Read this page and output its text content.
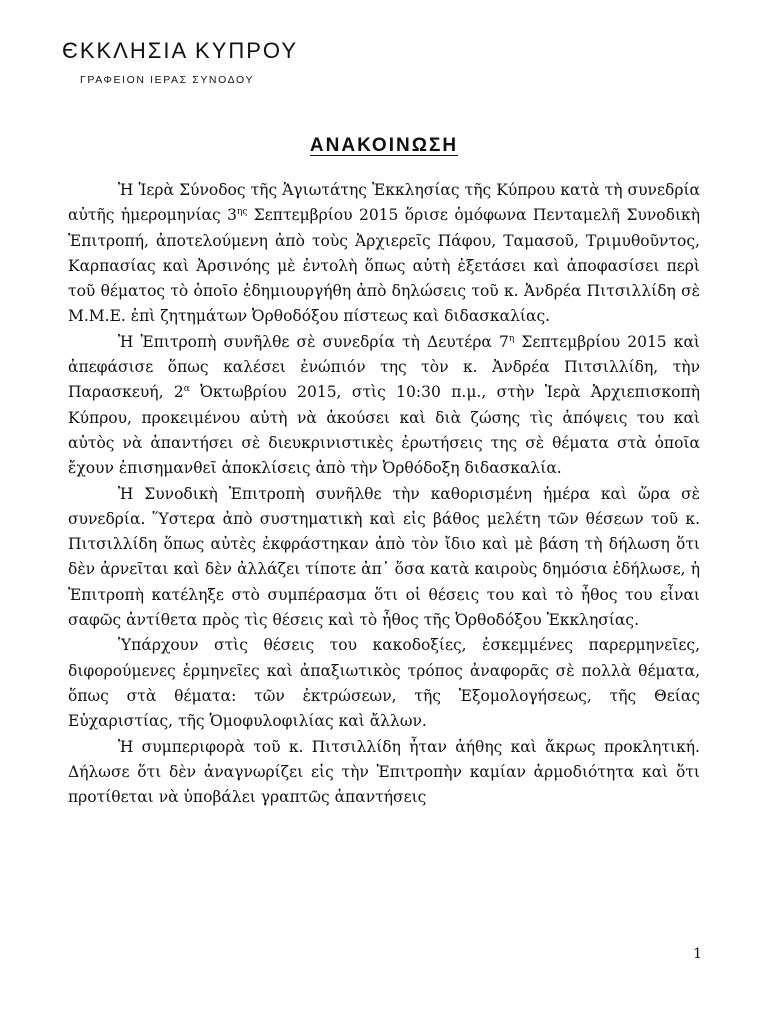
ЄΚΚΛΗΣΙΑ ΚΥΠΡΟΥ
ΓΡΑΦΕΙΟΝ ΙΕΡΑΣ ΣΥΝΟΔΟΥ
ΑΝΑΚΟΙΝΩΣΗ

Ἡ Ἱερὰ Σύνοδος τῆς Ἁγιωτάτης Ἐκκλησίας τῆς Κύπρου κατὰ τὴ συνεδρία αὐτῆς ἡμερομηνίας $3^{\eta\varsigma}$ Σεπτεμβρίου 2015 ὅρισε ὁμόφωνα Πενταμελῆ Συνοδικὴ Ἐπιτροπή, ἀποτελούμενη ἀπὸ τοὺς Ἀρχιερεῖς Πάφου, Ταμασοῦ, Τριμυθοῦντος, Καρπασίας καὶ Ἀρσινόης μὲ ἐντολὴ ὅπως αὐτὴ ἐξετάσει καὶ ἀποφασίσει περὶ τοῦ θέματος τὸ ὁποῖο ἐδημιουργήθη ἀπὸ δηλώσεις τοῦ κ. Ἀνδρέα Πιτσιλλίδη σὲ Μ.Μ.Ε. ἐπὶ ζητημάτων Ὀρθοδόξου πίστεως καὶ διδασκαλίας.

Ἡ Ἐπιτροπὴ συνῆλθε σὲ συνεδρία τὴ Δευτέρα $7^\eta$ Σεπτεμβρίου 2015 καὶ ἀπεφάσισε ὅπως καλέσει ἐνώπιόν της τὸν κ. Ἀνδρέα Πιτσιλλίδη, τὴν Παρασκευή, $2^\alpha$ Ὀκτωβρίου 2015, στὶς 10:30 π.μ., στὴν Ἱερὰ Ἀρχιεπισκοπὴ Κύπρου, προκειμένου αὐτὴ νὰ ἀκούσει καὶ διὰ ζώσης τὶς ἀπόψεις του καὶ αὐτὸς νὰ ἀπαντήσει σὲ διευκρινιστικὲς ἐρωτήσεις της σὲ θέματα στὰ ὁποῖα ἔχουν ἐπισημανθεῖ ἀποκλίσεις ἀπὸ τὴν Ὀρθόδοξη διδασκαλία.

Ἡ Συνοδικὴ Ἐπιτροπὴ συνῆλθε τὴν καθορισμένη ἡμέρα καὶ ὥρα σὲ συνεδρία. Ὕστερα ἀπὸ συστηματικὴ καὶ εἰς βάθος μελέτη τῶν θέσεων τοῦ κ. Πιτσιλλίδη ὅπως αὐτὲς ἐκφράστηκαν ἀπὸ τὸν ἴδιο καὶ μὲ βάση τὴ δήλωση ὅτι δὲν ἀρνεῖται καὶ δὲν ἀλλάζει τίποτε ἀπ᾽ ὅσα κατὰ καιροὺς δημόσια ἐδήλωσε, ἡ Ἐπιτροπὴ κατέληξε στὸ συμπέρασμα ὅτι οἱ θέσεις του καὶ τὸ ἦθος του εἶναι σαφῶς ἀντίθετα πρὸς τὶς θέσεις καὶ τὸ ἦθος τῆς Ὀρθοδόξου Ἐκκλησίας.

Ὑπάρχουν στὶς θέσεις του κακοδοξίες, ἐσκεμμένες παρερμηνεῖες, διφορούμενες ἑρμηνεῖες καὶ ἀπαξιωτικὸς τρόπος ἀναφορᾶς σὲ πολλὰ θέματα, ὅπως στὰ θέματα: τῶν ἐκτρώσεων, τῆς Ἐξομολογήσεως, τῆς Θείας Εὐχαριστίας, τῆς Ὁμοφυλοφιλίας καὶ ἄλλων.

Ἡ συμπεριφορὰ τοῦ κ. Πιτσιλλίδη ἦταν ἀήθης καὶ ἄκρως προκλητική. Δήλωσε ὅτι δὲν ἀναγνωρίζει εἰς τὴν Ἐπιτροπὴν καμίαν ἁρμοδιότητα καὶ ὅτι προτίθεται νὰ ὑποβάλει γραπτῶς ἀπαντήσεις

1
